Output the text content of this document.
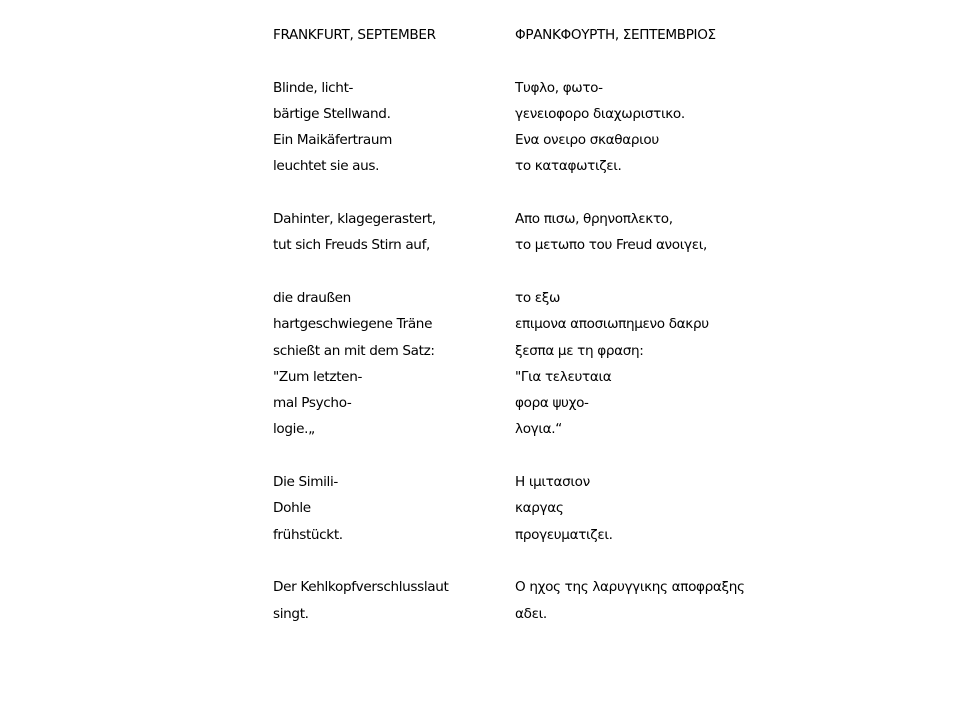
FRANKFURT, SEPTEMBER
Blinde, licht-
bärtige Stellwand.
Ein Maikäfertraum
leuchtet sie aus.
Dahinter, klagegerastert,
tut sich Freuds Stirn auf,
die draußen
hartgeschwiegene Träne
schießt an mit dem Satz:
"Zum letzten-
mal Psycho-
logie.„
Die Simili-
Dohle
frühstückt.
Der Kehlkopfverschlusslaut
singt.
ΦΡΑΝΚΦΟΥΡΤΗ, ΣΕΠΤΕΜΒΡΙΟΣ
Τυφλο, φωτο-
γενειοφορο διαχωριστικο.
Ενα ονειρο σκαθαριου
το καταφωτιζει.
Απο πισω, θρηνοπλεκτο,
το μετωπο του Freud ανοιγει,
το εξω
επιμονα αποσιωπημενο δακρυ
ξεσπα με τη φραση:
"Για τελευταια
φορα ψυχο-
λογια.“
Η ιμιτασιον
καργας
προγευματιζει.
Ο ηχος της λαρυγγικης αποφραξης
αδει.
